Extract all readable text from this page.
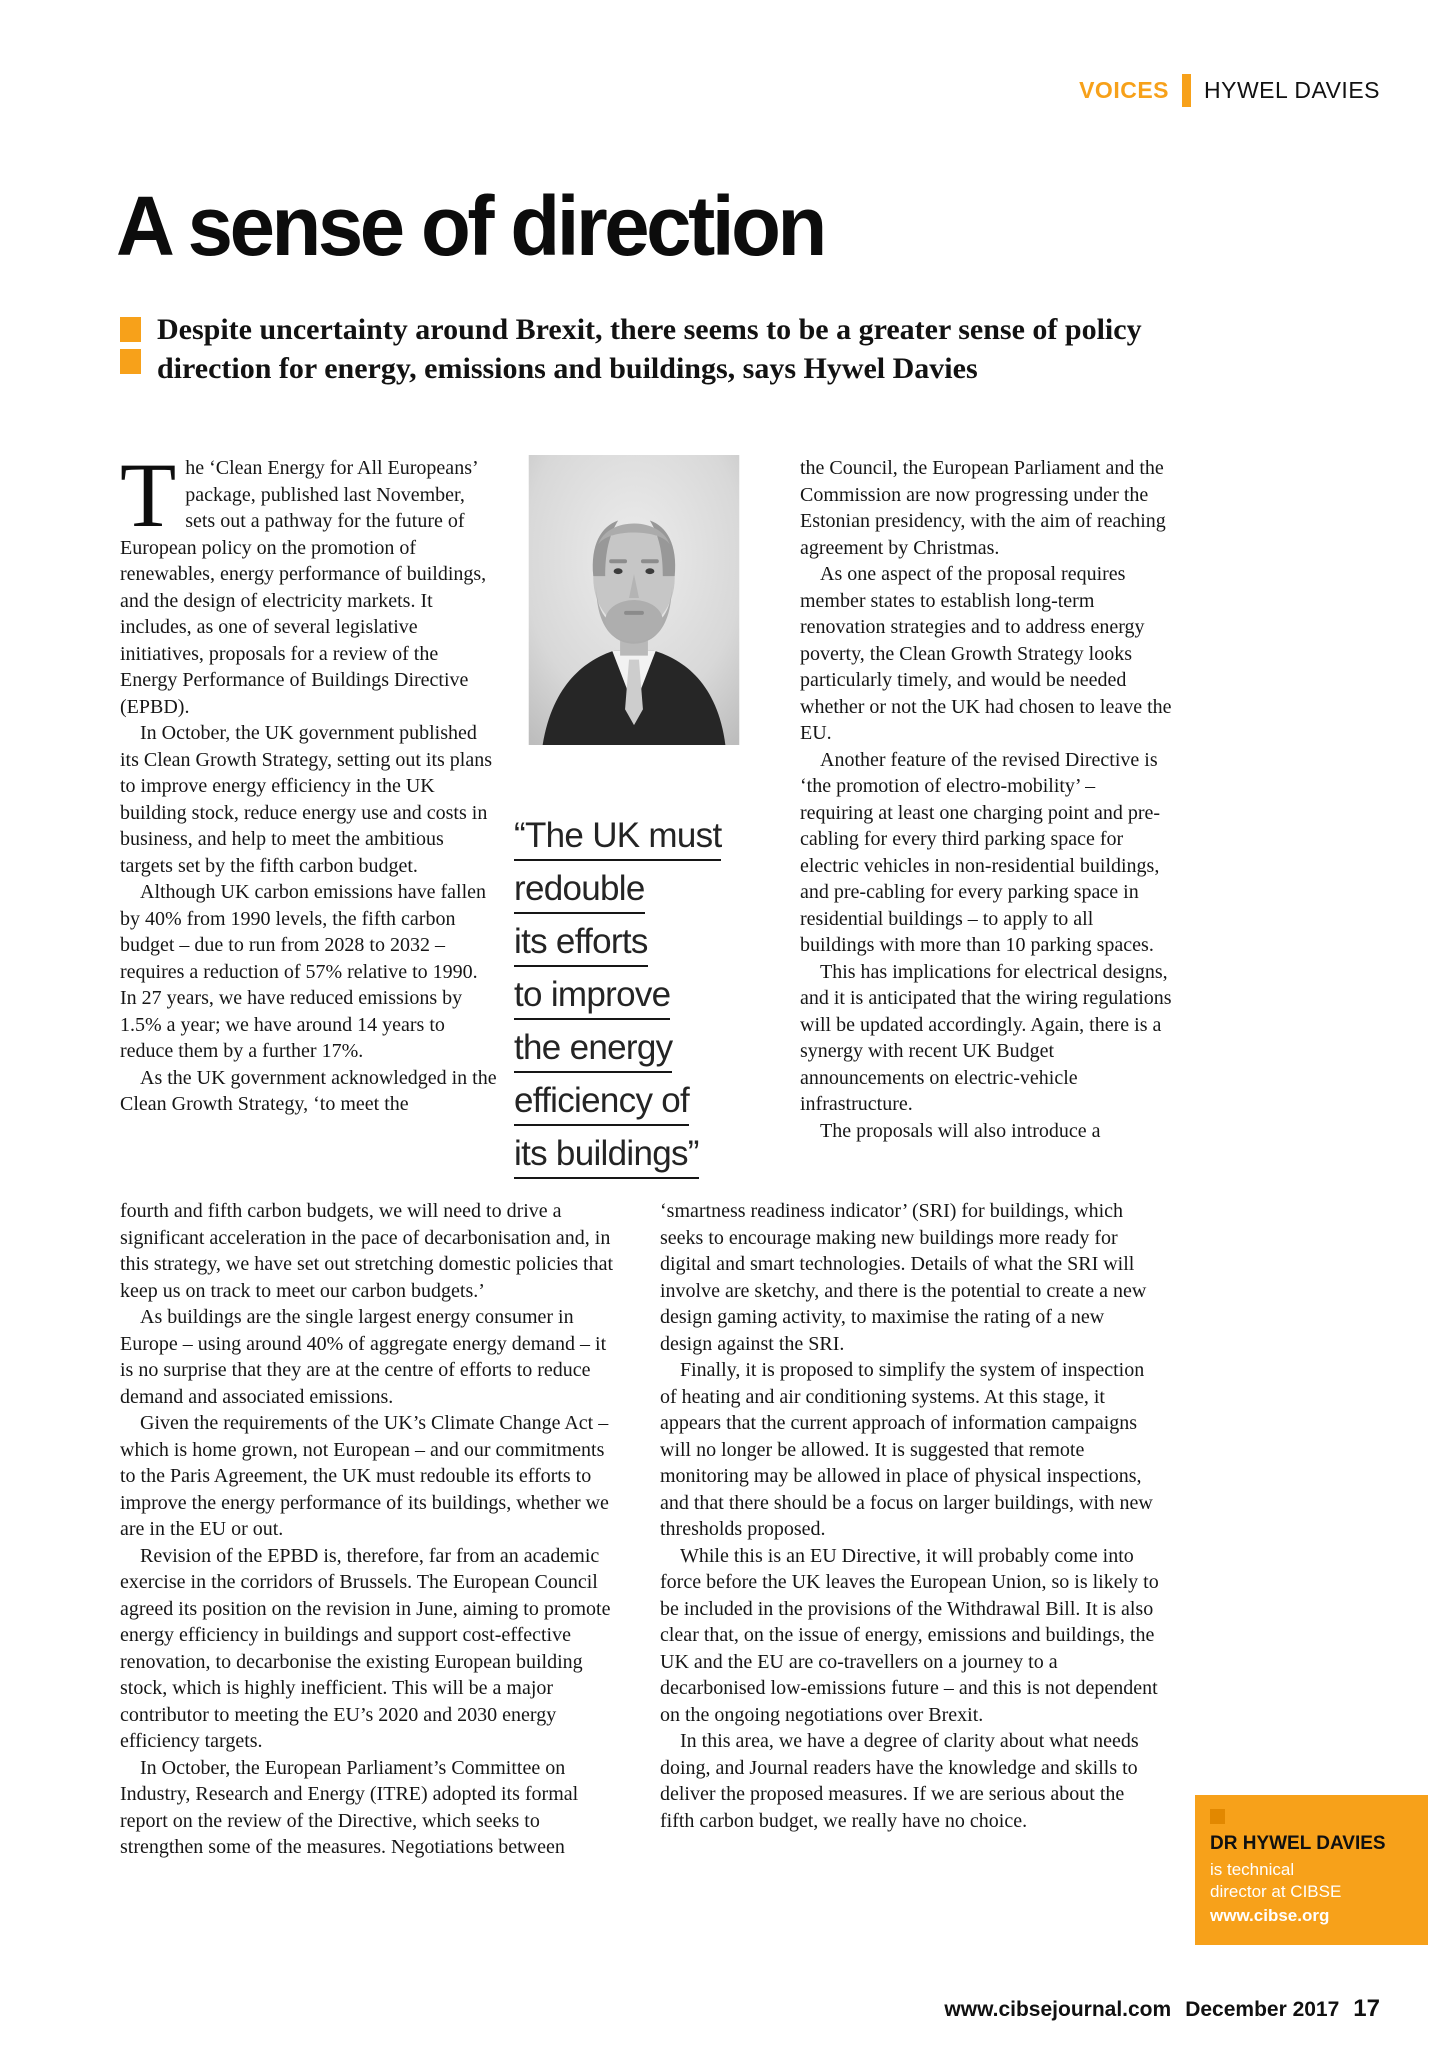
VOICES HYWEL DAVIES
A sense of direction

Despite uncertainty around Brexit, there seems to be a greater sense of policy direction for energy, emissions and buildings, says Hywel Davies

“The UK must
redouble
its efforts
to improve
the energy
efficiency of
its buildings”

The ‘Clean Energy for All Europeans’ package, published last November, sets out a pathway for the future of European policy on the promotion of renewables, energy performance of buildings, and the design of electricity markets. It includes, as one of several legislative initiatives, proposals for a review of the Energy Performance of Buildings Directive (EPBD).

In October, the UK government published its Clean Growth Strategy, setting out its plans to improve energy efficiency in the UK building stock, reduce energy use and costs in business, and help to meet the ambitious targets set by the fifth carbon budget.

Although UK carbon emissions have fallen by 40% from 1990 levels, the fifth carbon budget – due to run from 2028 to 2032 – requires a reduction of 57% relative to 1990. In 27 years, we have reduced emissions by 1.5% a year; we have around 14 years to reduce them by a further 17%.

As the UK government acknowledged in the Clean Growth Strategy, ‘to meet the

fourth and fifth carbon budgets, we will need to drive a significant acceleration in the pace of decarbonisation and, in this strategy, we have set out stretching domestic policies that keep us on track to meet our carbon budgets.’

As buildings are the single largest energy consumer in Europe – using around 40% of aggregate energy demand – it is no surprise that they are at the centre of efforts to reduce demand and associated emissions.

Given the requirements of the UK’s Climate Change Act – which is home grown, not European – and our commitments to the Paris Agreement, the UK must redouble its efforts to improve the energy performance of its buildings, whether we are in the EU or out.

Revision of the EPBD is, therefore, far from an academic exercise in the corridors of Brussels. The European Council agreed its position on the revision in June, aiming to promote energy efficiency in buildings and support cost-effective renovation, to decarbonise the existing European building stock, which is highly inefficient. This will be a major contributor to meeting the EU’s 2020 and 2030 energy efficiency targets.

In October, the European Parliament’s Committee on Industry, Research and Energy (ITRE) adopted its formal report on the review of the Directive, which seeks to strengthen some of the measures. Negotiations between

the Council, the European Parliament and the Commission are now progressing under the Estonian presidency, with the aim of reaching agreement by Christmas.

As one aspect of the proposal requires member states to establish long-term renovation strategies and to address energy poverty, the Clean Growth Strategy looks particularly timely, and would be needed whether or not the UK had chosen to leave the EU.

Another feature of the revised Directive is ‘the promotion of electro-mobility’ – requiring at least one charging point and pre-cabling for every third parking space for electric vehicles in non-residential buildings, and pre-cabling for every parking space in residential buildings – to apply to all buildings with more than 10 parking spaces.

This has implications for electrical designs, and it is anticipated that the wiring regulations will be updated accordingly. Again, there is a synergy with recent UK Budget announcements on electric-vehicle infrastructure.

The proposals will also introduce a

‘smartness readiness indicator’ (SRI) for buildings, which seeks to encourage making new buildings more ready for digital and smart technologies. Details of what the SRI will involve are sketchy, and there is the potential to create a new design gaming activity, to maximise the rating of a new design against the SRI.

Finally, it is proposed to simplify the system of inspection of heating and air conditioning systems. At this stage, it appears that the current approach of information campaigns will no longer be allowed. It is suggested that remote monitoring may be allowed in place of physical inspections, and that there should be a focus on larger buildings, with new thresholds proposed.

While this is an EU Directive, it will probably come into force before the UK leaves the European Union, so is likely to be included in the provisions of the Withdrawal Bill. It is also clear that, on the issue of energy, emissions and buildings, the UK and the EU are co-travellers on a journey to a decarbonised low-emissions future – and this is not dependent on the ongoing negotiations over Brexit.

In this area, we have a degree of clarity about what needs doing, and Journal readers have the knowledge and skills to deliver the proposed measures. If we are serious about the fifth carbon budget, we really have no choice.

DR HYWEL DAVIES
is technical
director at CIBSE
www.cibse.org
www.cibsejournal.com December 2017 17
